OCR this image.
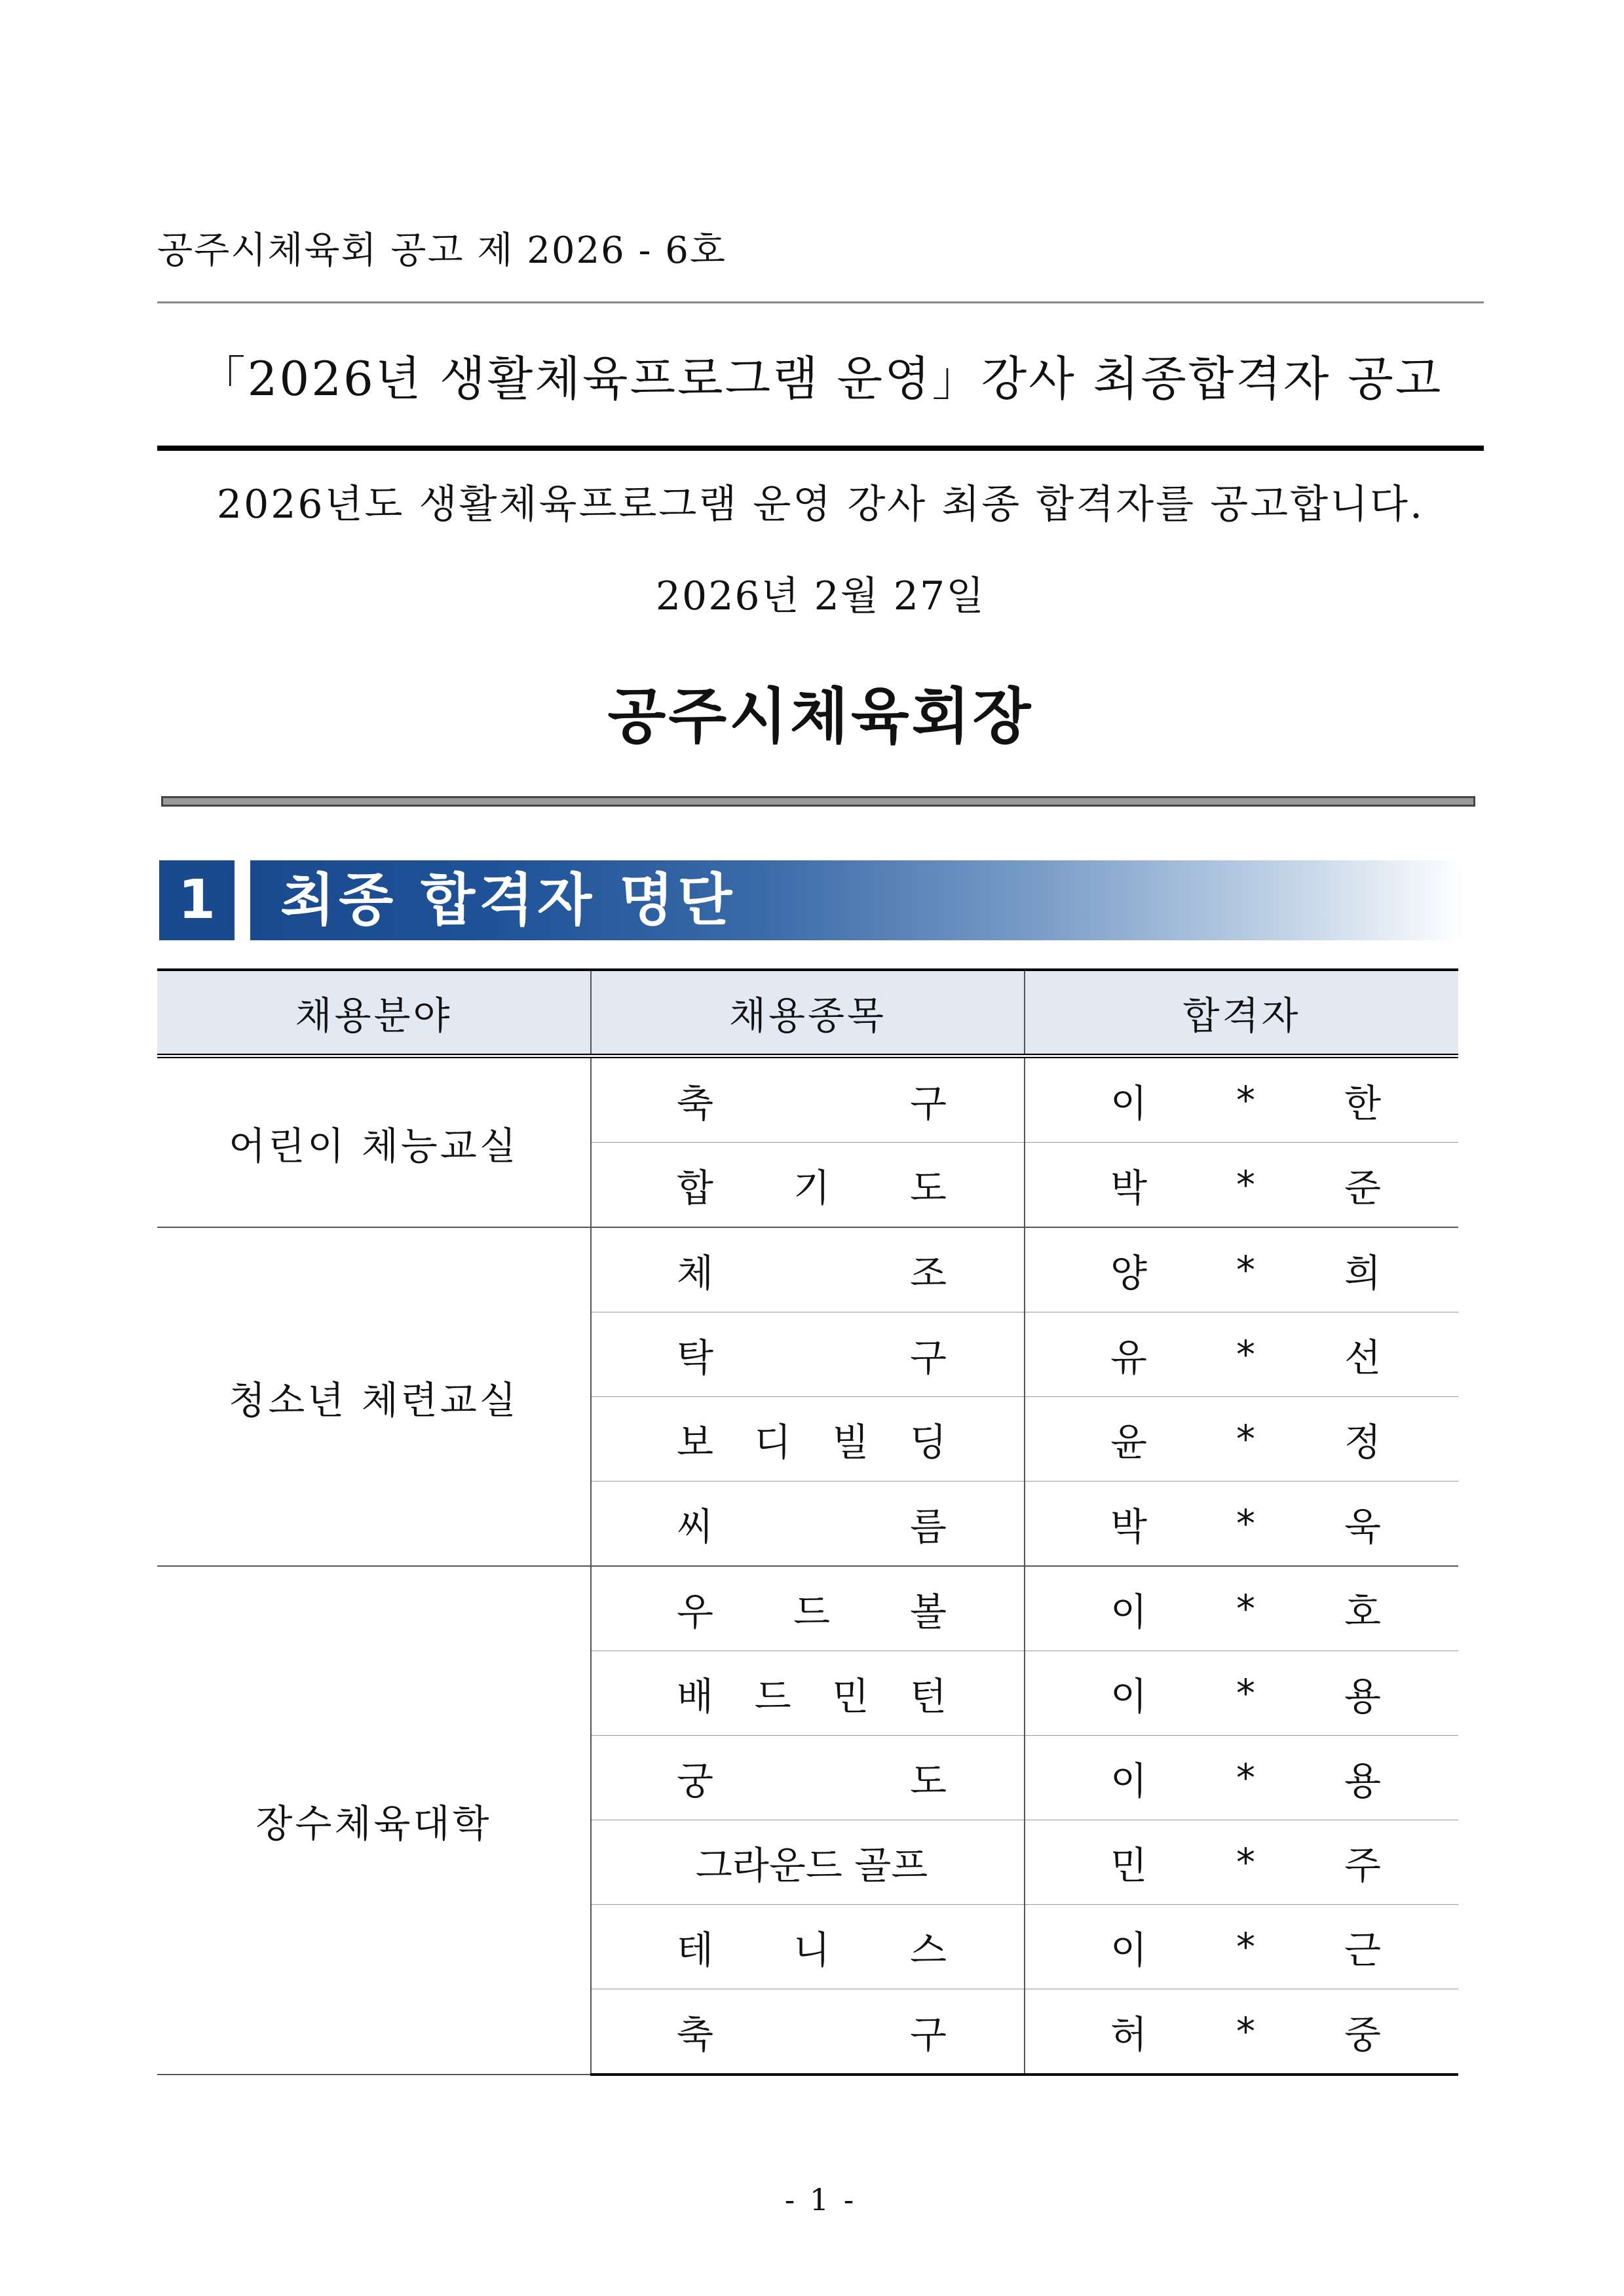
공주시체육회 공고 제 2026 - 6호
「2026년 생활체육프로그램 운영」강사 최종합격자 공고
2026년도 생활체육프로그램 운영 강사 최종 합격자를 공고합니다.
2026년 2월 27일
공주시체육회장
1	최종 합격자 명단
채용분야	채용종목	합격자
어린이 체능교실	축 구	이 * 한

	합 기 도	박 * 준

청소년 체련교실	체 조	양 * 희

	탁 구	유 * 선

	보 디 빌 딩	윤 * 정

	씨 름	박 * 욱

장수체육대학	우 드 볼	이 * 호

	배 드 민 턴	이 * 용

	궁 도	이 * 용

	그라운드 골프	민 * 주

	테 니 스	이 * 근

	축 구	허 * 중
- 1 -
